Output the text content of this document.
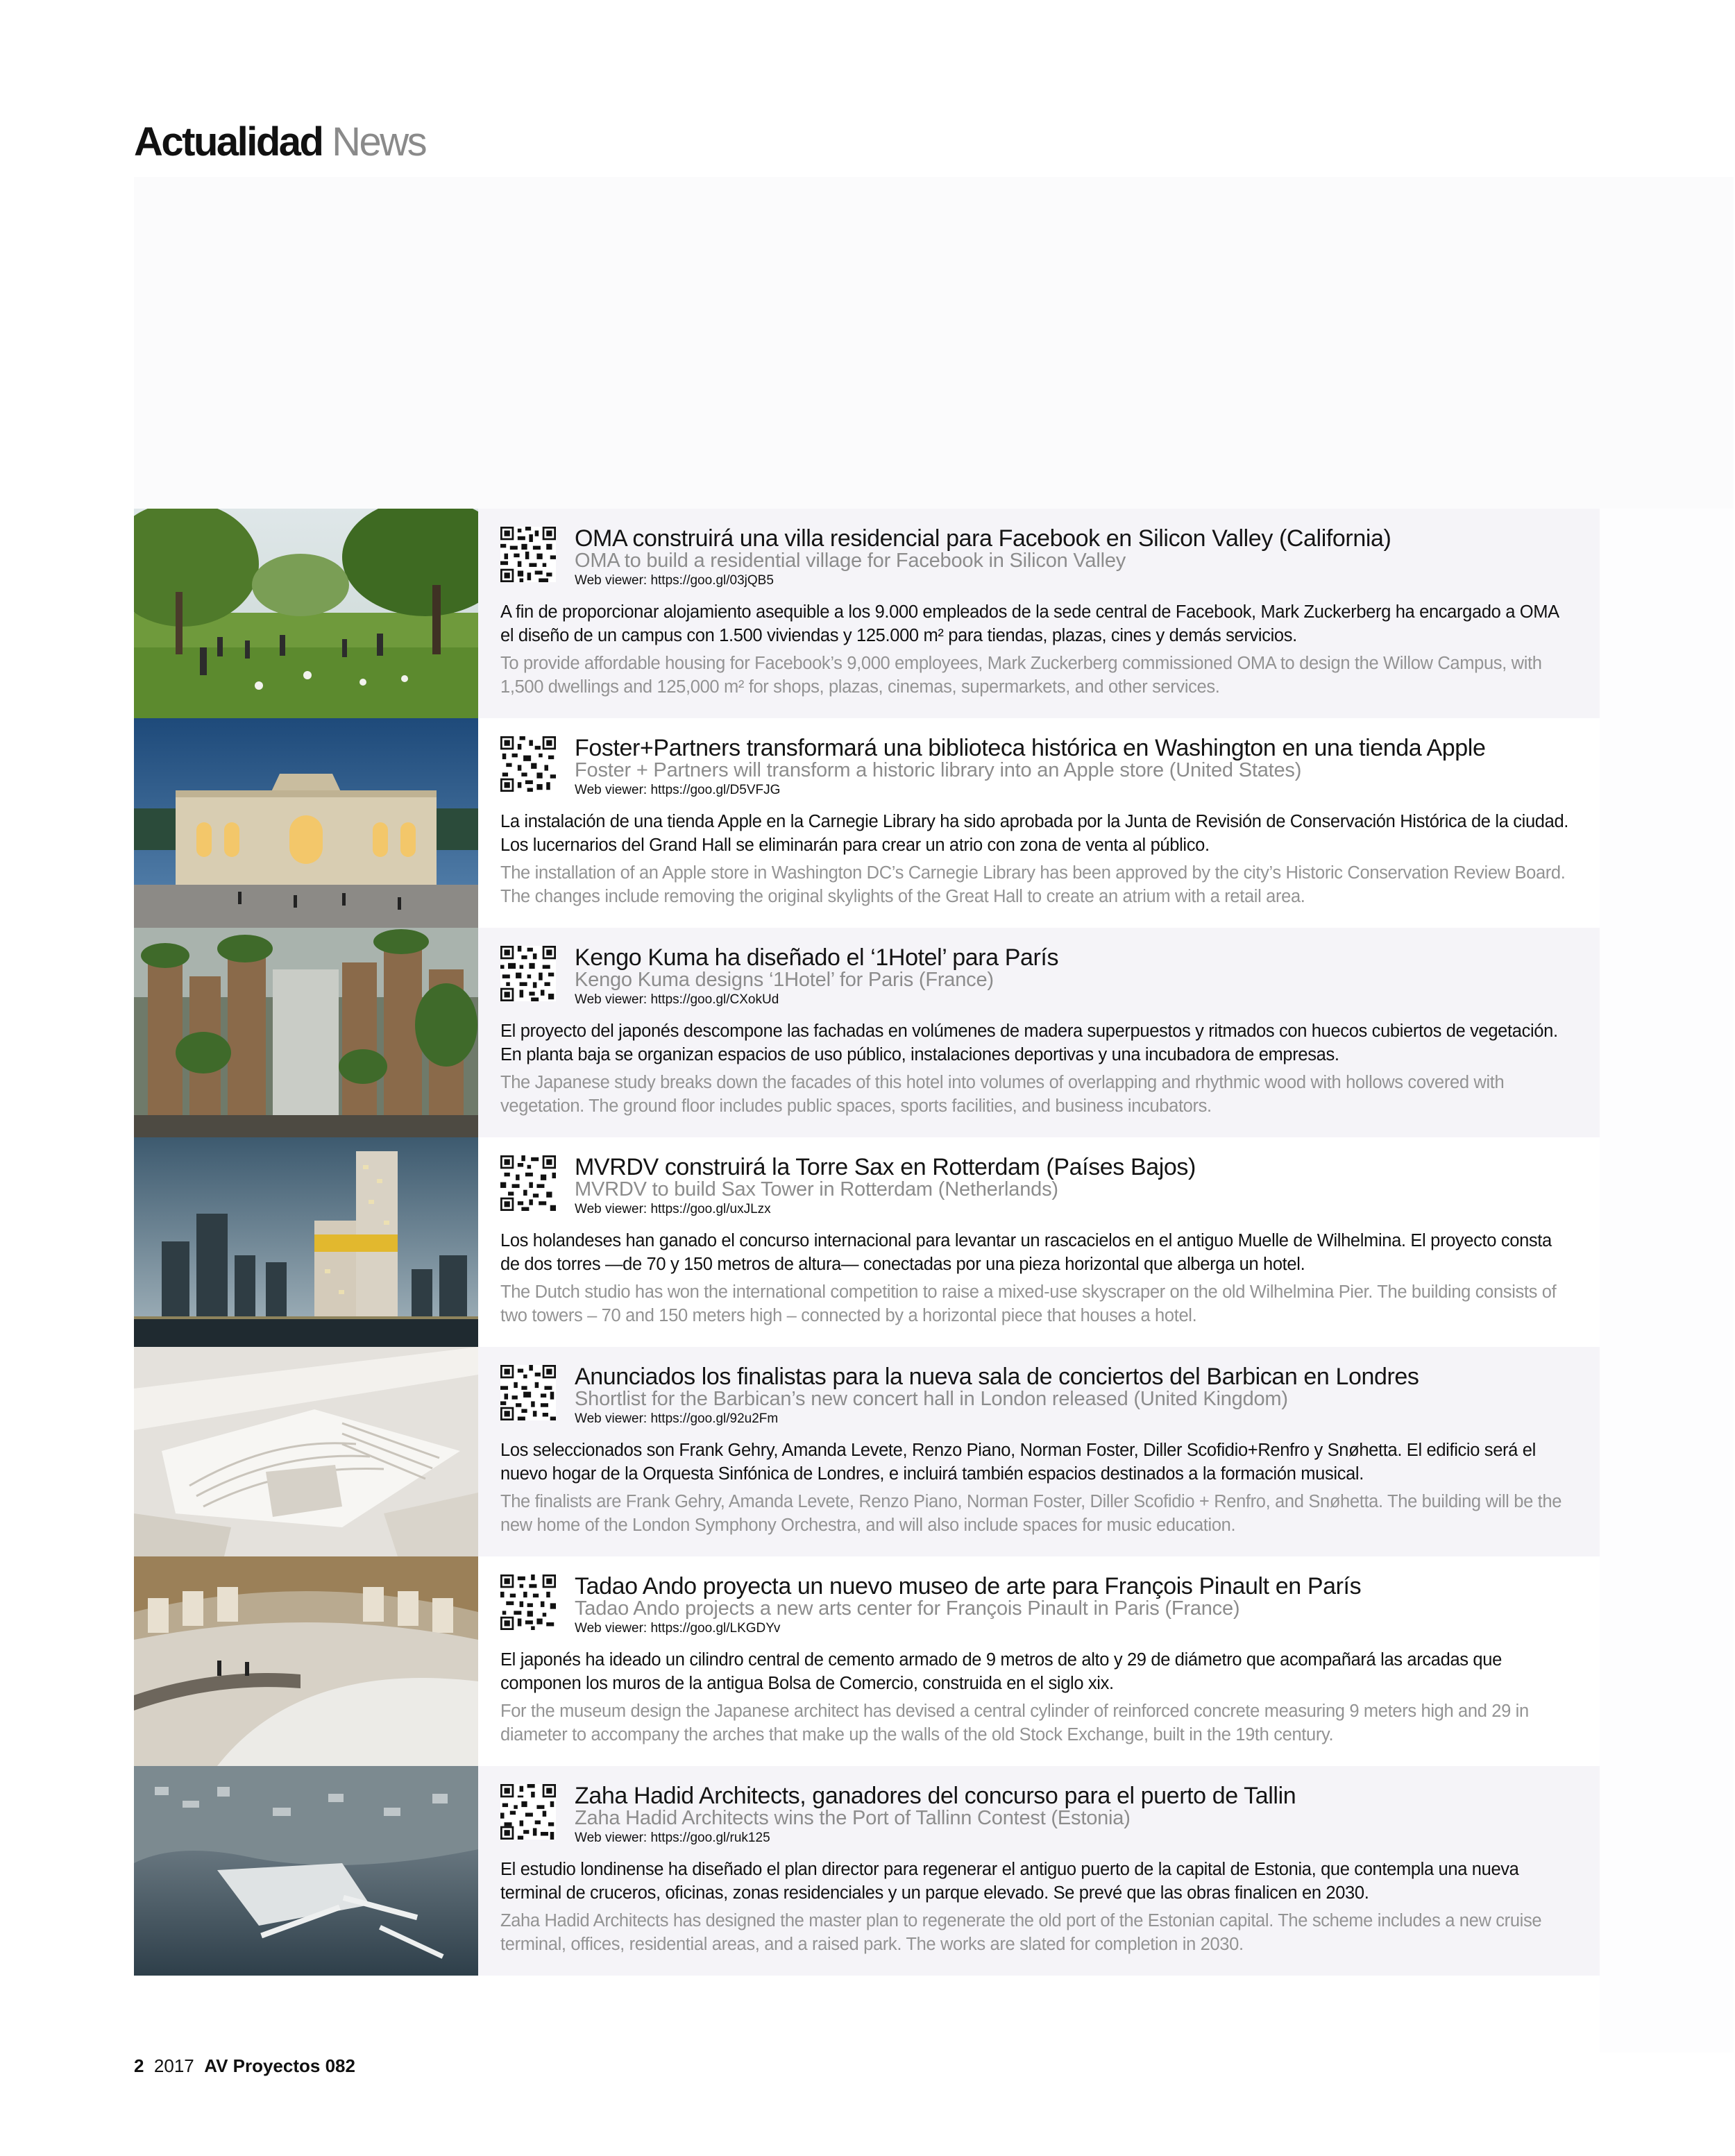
Actualidad News
OMA construirá una villa residencial para Facebook en Silicon Valley (California)
OMA to build a residential village for Facebook in Silicon Valley
Web viewer: https://goo.gl/03jQB5
A fin de proporcionar alojamiento asequible a los 9.000 empleados de la sede central de Facebook, Mark Zuckerberg ha encargado a OMA el diseño de un campus con 1.500 viviendas y 125.000 m² para tiendas, plazas, cines y demás servicios.
To provide affordable housing for Facebook’s 9,000 employees, Mark Zuckerberg commissioned OMA to design the Willow Campus, with 1,500 dwellings and 125,000 m² for shops, plazas, cinemas, supermarkets, and other services.
Foster+Partners transformará una biblioteca histórica en Washington en una tienda Apple
Foster + Partners will transform a historic library into an Apple store (United States)
Web viewer: https://goo.gl/D5VFJG
La instalación de una tienda Apple en la Carnegie Library ha sido aprobada por la Junta de Revisión de Conservación Histórica de la ciudad. Los lucernarios del Grand Hall se eliminarán para crear un atrio con zona de venta al público.
The installation of an Apple store in Washington DC’s Carnegie Library has been approved by the city’s Historic Conservation Review Board. The changes include removing the original skylights of the Great Hall to create an atrium with a retail area.
Kengo Kuma ha diseñado el ‘1Hotel’ para París
Kengo Kuma designs ‘1Hotel’ for Paris (France)
Web viewer: https://goo.gl/CXokUd
El proyecto del japonés descompone las fachadas en volúmenes de madera superpuestos y ritmados con huecos cubiertos de vegetación. En planta baja se organizan espacios de uso público, instalaciones deportivas y una incubadora de empresas.
The Japanese study breaks down the facades of this hotel into volumes of overlapping and rhythmic wood with hollows covered with vegetation. The ground floor includes public spaces, sports facilities, and business incubators.
MVRDV construirá la Torre Sax en Rotterdam (Países Bajos)
MVRDV to build Sax Tower in Rotterdam (Netherlands)
Web viewer: https://goo.gl/uxJLzx
Los holandeses han ganado el concurso internacional para levantar un rascacielos en el antiguo Muelle de Wilhelmina. El proyecto consta de dos torres —de 70 y 150 metros de altura— conectadas por una pieza horizontal que alberga un hotel.
The Dutch studio has won the international competition to raise a mixed-use skyscraper on the old Wilhelmina Pier. The building consists of two towers – 70 and 150 meters high – connected by a horizontal piece that houses a hotel.
Anunciados los finalistas para la nueva sala de conciertos del Barbican en Londres
Shortlist for the Barbican’s new concert hall in London released (United Kingdom)
Web viewer: https://goo.gl/92u2Fm
Los seleccionados son Frank Gehry, Amanda Levete, Renzo Piano, Norman Foster, Diller Scofidio+Renfro y Snøhetta. El edificio será el nuevo hogar de la Orquesta Sinfónica de Londres, e incluirá también espacios destinados a la formación musical.
The finalists are Frank Gehry, Amanda Levete, Renzo Piano, Norman Foster, Diller Scofidio + Renfro, and Snøhetta. The building will be the new home of the London Symphony Orchestra, and will also include spaces for music education.
Tadao Ando proyecta un nuevo museo de arte para François Pinault en París
Tadao Ando projects a new arts center for François Pinault in Paris (France)
Web viewer: https://goo.gl/LKGDYv
El japonés ha ideado un cilindro central de cemento armado de 9 metros de alto y 29 de diámetro que acompañará las arcadas que componen los muros de la antigua Bolsa de Comercio, construida en el siglo xix.
For the museum design the Japanese architect has devised a central cylinder of reinforced concrete measuring 9 meters high and 29 in diameter to accompany the arches that make up the walls of the old Stock Exchange, built in the 19th century.
Zaha Hadid Architects, ganadores del concurso para el puerto de Tallin
Zaha Hadid Architects wins the Port of Tallinn Contest (Estonia)
Web viewer: https://goo.gl/ruk125
El estudio londinense ha diseñado el plan director para regenerar el antiguo puerto de la capital de Estonia, que contempla una nueva terminal de cruceros, oficinas, zonas residenciales y un parque elevado. Se prevé que las obras finalicen en 2030.
Zaha Hadid Architects has designed the master plan to regenerate the old port of the Estonian capital. The scheme includes a new cruise terminal, offices, residential areas, and a raised park. The works are slated for completion in 2030.
2 2017 AV Proyectos 082
